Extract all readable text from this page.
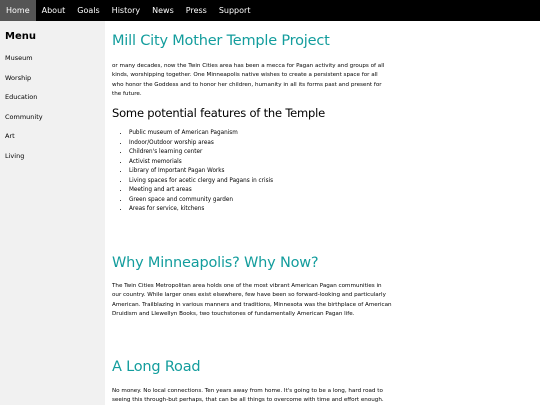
Home	About	Goals	History	News	Press	Support
Menu
Museum
Worship
Education
Community
Art
Living
Mill City Mother Temple Project

or many decades, now the Twin Cities area has been a mecca for Pagan activity and groups of all kinds, worshipping together. One Minneapolis native wishes to create a persistent space for all who honor the Goddess and to honor her children, humanity in all its forms past and present for the future.

Some potential features of the Temple
• Public museum of American Paganism
• Indoor/Outdoor worship areas
• Children's learning center
• Activist memorials
• Library of Important Pagan Works
• Living spaces for acetic clergy and Pagans in crisis
• Meeting and art areas
• Green space and community garden
• Areas for service, kitchens
Why Minneapolis? Why Now?

The Twin Cities Metropolitan area holds one of the most vibrant American Pagan communities in our country. While larger ones exist elsewhere, few have been so forward-looking and particularly American. Trailblazing in various manners and traditions, Minnesota was the birthplace of American Druidism and Llewellyn Books, two touchstones of fundamentally American Pagan life.

A Long Road

No money. No local connections. Ten years away from home. It's going to be a long, hard road to seeing this through-but perhaps, that can be all things to overcome with time and effort enough.
